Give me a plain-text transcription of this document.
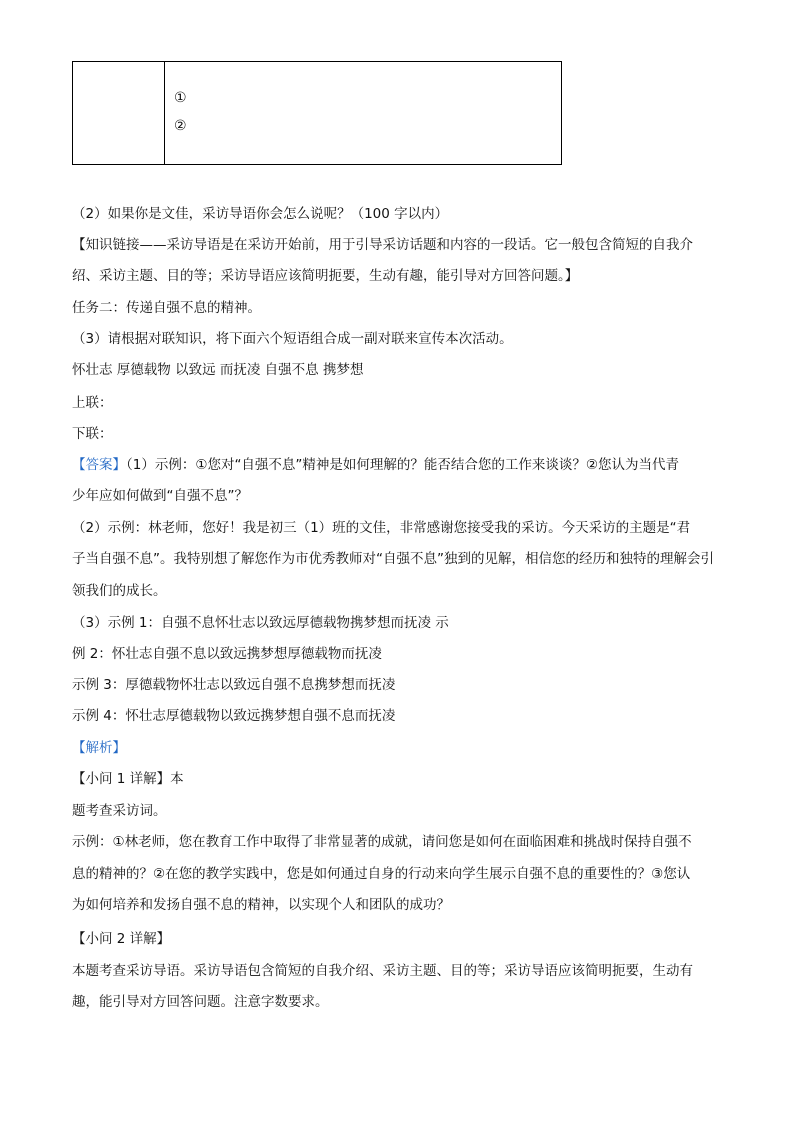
①
②
（2）如果你是文佳，采访导语你会怎么说呢？（100 字以内）
【知识链接——采访导语是在采访开始前，用于引导采访话题和内容的一段话。它一般包含简短的自我介
绍、采访主题、目的等；采访导语应该简明扼要，生动有趣，能引导对方回答问题。】
任务二：传递自强不息的精神。
（3）请根据对联知识，将下面六个短语组合成一副对联来宣传本次活动。
怀壮志 厚德载物 以致远 而抚凌 自强不息 携梦想
上联：
下联：
【答案】（1）示例：①您对“自强不息”精神是如何理解的？能否结合您的工作来谈谈？②您认为当代青
少年应如何做到“自强不息”？
（2）示例：林老师，您好！我是初三（1）班的文佳，非常感谢您接受我的采访。今天采访的主题是“君
子当自强不息”。我特别想了解您作为市优秀教师对“自强不息”独到的见解，相信您的经历和独特的理解会引
领我们的成长。
（3）示例 1：自强不息怀壮志以致远厚德载物携梦想而抚凌 示
例 2：怀壮志自强不息以致远携梦想厚德载物而抚凌
示例 3：厚德载物怀壮志以致远自强不息携梦想而抚凌
示例 4：怀壮志厚德载物以致远携梦想自强不息而抚凌
【解析】
【小问 1 详解】本
题考查采访词。
示例：①林老师，您在教育工作中取得了非常显著的成就，请问您是如何在面临困难和挑战时保持自强不
息的精神的？②在您的教学实践中，您是如何通过自身的行动来向学生展示自强不息的重要性的？③您认
为如何培养和发扬自强不息的精神，以实现个人和团队的成功？
【小问 2 详解】
本题考查采访导语。采访导语包含简短的自我介绍、采访主题、目的等；采访导语应该简明扼要，生动有
趣，能引导对方回答问题。注意字数要求。
